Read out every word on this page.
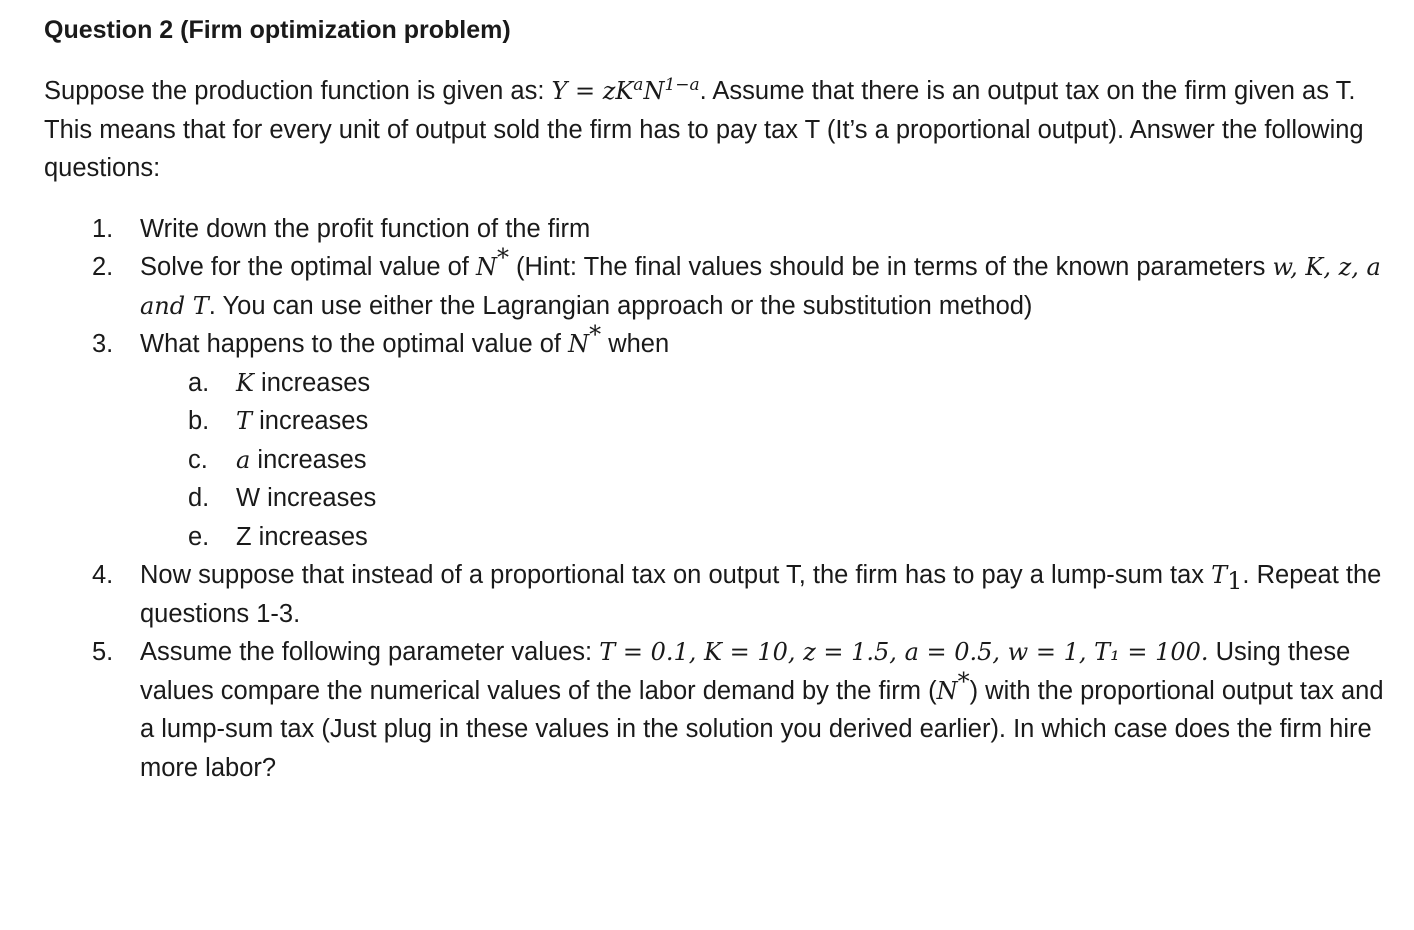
Question 2 (Firm optimization problem)

Suppose the production function is given as: $Y = zK^aN^{1-a}$. Assume that there is an output tax on the firm given as T. This means that for every unit of output sold the firm has to pay tax T (It’s a proportional output). Answer the following questions:
1. Write down the profit function of the firm
2. Solve for the optimal value of N* (Hint: The final values should be in terms of the known parameters w, K, z, a and T. You can use either the Lagrangian approach or the substitution method)
3. What happens to the optimal value of N* when
a. K increases
b. T increases
c. a increases
d. W increases
e. Z increases
4. Now suppose that instead of a proportional tax on output T, the firm has to pay a lump-sum tax $T_1$. Repeat the questions 1-3.
5. Assume the following parameter values: T = 0.1, K = 10, z = 1.5, a = 0.5, w = 1, T₁ = 100. Using these values compare the numerical values of the labor demand by the firm (N*) with the proportional output tax and a lump-sum tax (Just plug in these values in the solution you derived earlier). In which case does the firm hire more labor?
